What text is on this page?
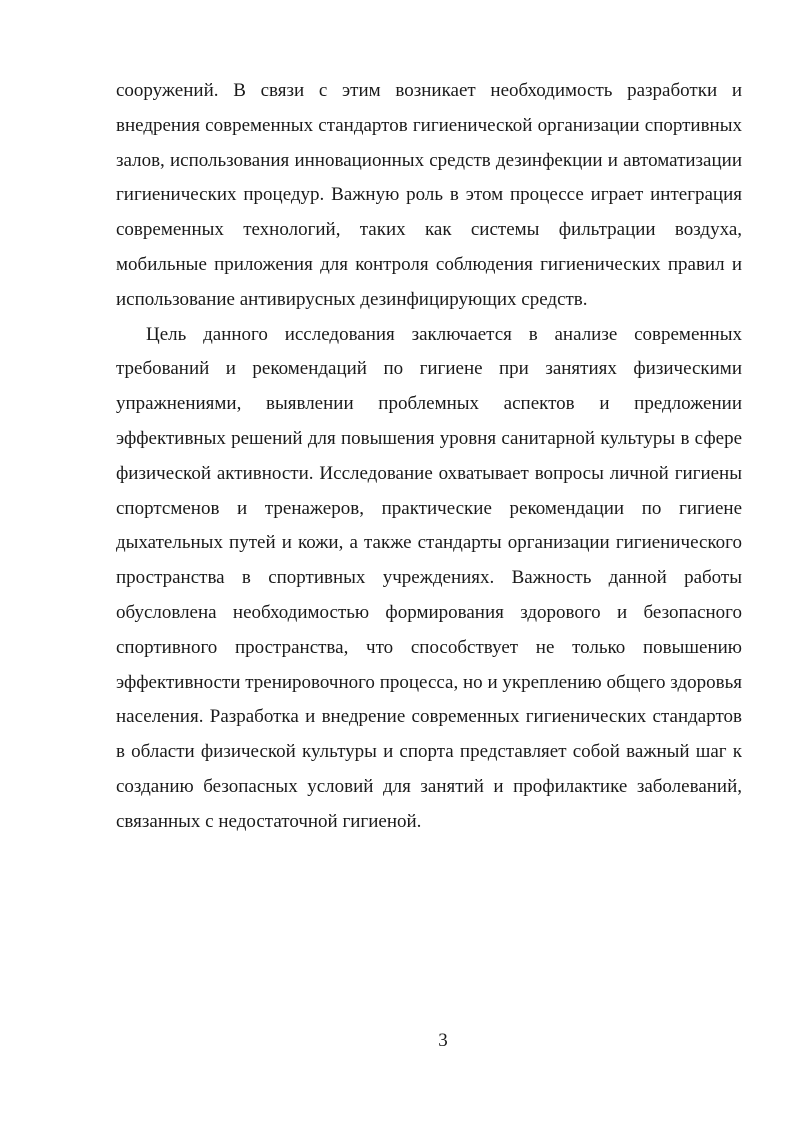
сооружений. В связи с этим возникает необходимость разработки и внедрения современных стандартов гигиенической организации спортивных залов, использования инновационных средств дезинфекции и автоматизации гигиенических процедур. Важную роль в этом процессе играет интеграция современных технологий, таких как системы фильтрации воздуха, мобильные приложения для контроля соблюдения гигиенических правил и использование антивирусных дезинфицирующих средств.

Цель данного исследования заключается в анализе современных требований и рекомендаций по гигиене при занятиях физическими упражнениями, выявлении проблемных аспектов и предложении эффективных решений для повышения уровня санитарной культуры в сфере физической активности. Исследование охватывает вопросы личной гигиены спортсменов и тренажеров, практические рекомендации по гигиене дыхательных путей и кожи, а также стандарты организации гигиенического пространства в спортивных учреждениях. Важность данной работы обусловлена необходимостью формирования здорового и безопасного спортивного пространства, что способствует не только повышению эффективности тренировочного процесса, но и укреплению общего здоровья населения. Разработка и внедрение современных гигиенических стандартов в области физической культуры и спорта представляет собой важный шаг к созданию безопасных условий для занятий и профилактике заболеваний, связанных с недостаточной гигиеной.

3
